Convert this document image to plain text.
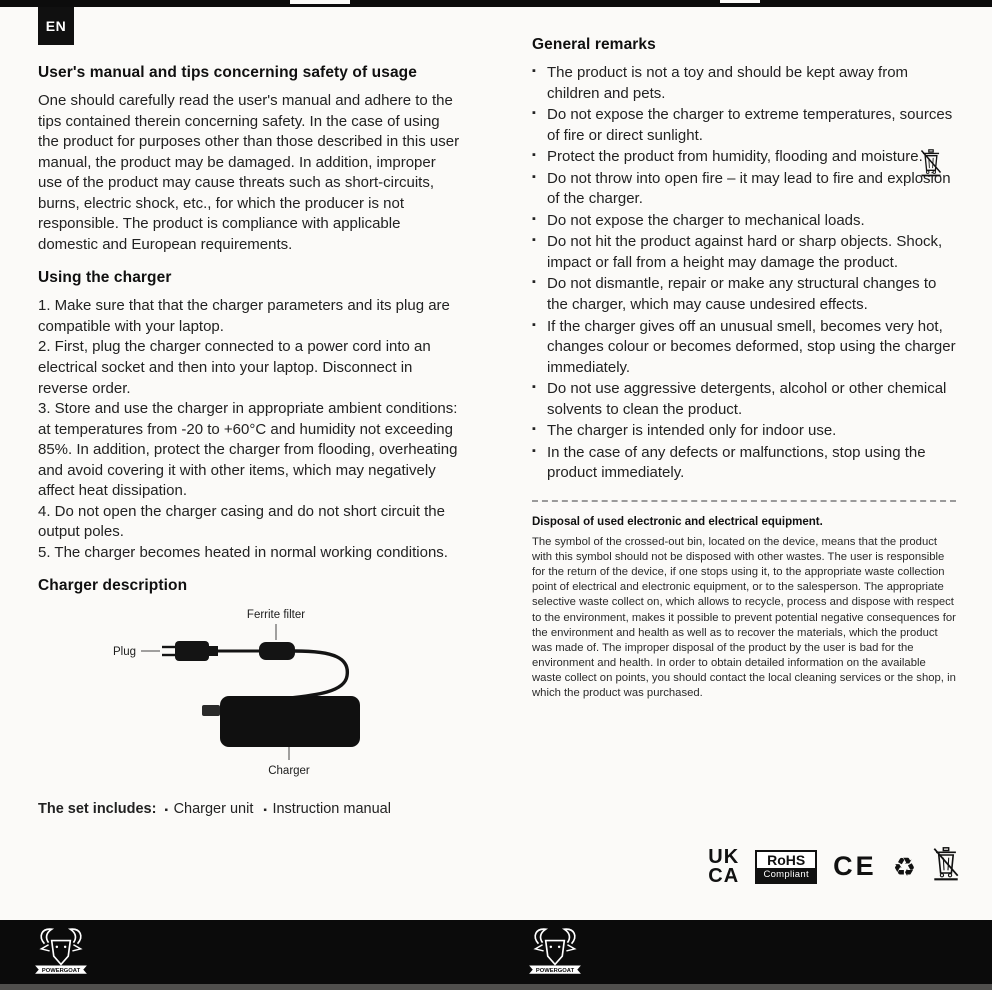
EN
User's manual and tips concerning safety of usage

One should carefully read the user's manual and adhere to the tips contained therein concerning safety. In the case of using the product for purposes other than those described in this user manual, the product may be damaged. In addition, improper use of the product may cause threats such as short-circuits, burns, electric shock, etc., for which the producer is not responsible. The product is compliance with applicable domestic and European requirements.

Using the charger

1. Make sure that that the charger parameters and its plug are compatible with your laptop.

2. First, plug the charger connected to a power cord into an electrical socket and then into your laptop. Disconnect in reverse order.

3. Store and use the charger in appropriate ambient conditions: at temperatures from -20 to +60°C and humidity not exceeding 85%. In addition, protect the charger from flooding, overheating and avoid covering it with other items, which may negatively affect heat dissipation.

4. Do not open the charger casing and do not short circuit the output poles.

5. The charger becomes heated in normal working conditions.

Charger description
Ferrite filter
Plug
Charger
The set includes:	▪  Charger unit ▪  Instruction manual
General remarks
▪ The product is not a toy and should be kept away from children and pets.
▪ Do not expose the charger to extreme temperatures, sources of fire or direct sunlight.
▪ Protect the product from humidity, flooding and moisture.
▪ Do not throw into open fire – it may lead to fire and explosion of the charger.
▪ Do not expose the charger to mechanical loads.
▪ Do not hit the product against hard or sharp objects. Shock, impact or fall from a height may damage the product.
▪ Do not dismantle, repair or make any structural changes to the charger, which may cause undesired effects.
▪ If the charger gives off an unusual smell, becomes very hot, changes colour or becomes deformed, stop using the charger immediately.
▪ Do not use aggressive detergents, alcohol or other chemical solvents to clean the product.
▪ The charger is intended only for indoor use.
▪ In the case of any defects or malfunctions, stop using the product immediately.
Disposal of used electronic and electrical equipment.

The symbol of the crossed-out bin, located on the device, means that the product with this symbol should not be disposed with other wastes. The user is responsible for the return of the device, if one stops using it, to the appropriate waste collection point of electrical and electronic equipment, or to the salesperson. The appropriate selective waste collect on, which allows to recycle, process and dispose with respect to the environment, makes it possible to prevent potential negative consequences for the environment and health as well as to recover the materials, which the product was made of. The improper disposal of the product by the user is bad for the environment and health. In order to obtain detailed information on the available waste collect on points, you should contact the local cleaning services or the shop, in which the product was purchased.

UK
CA
RoHS
Compliant CE ♻
POWERGOAT	POWERGOAT
